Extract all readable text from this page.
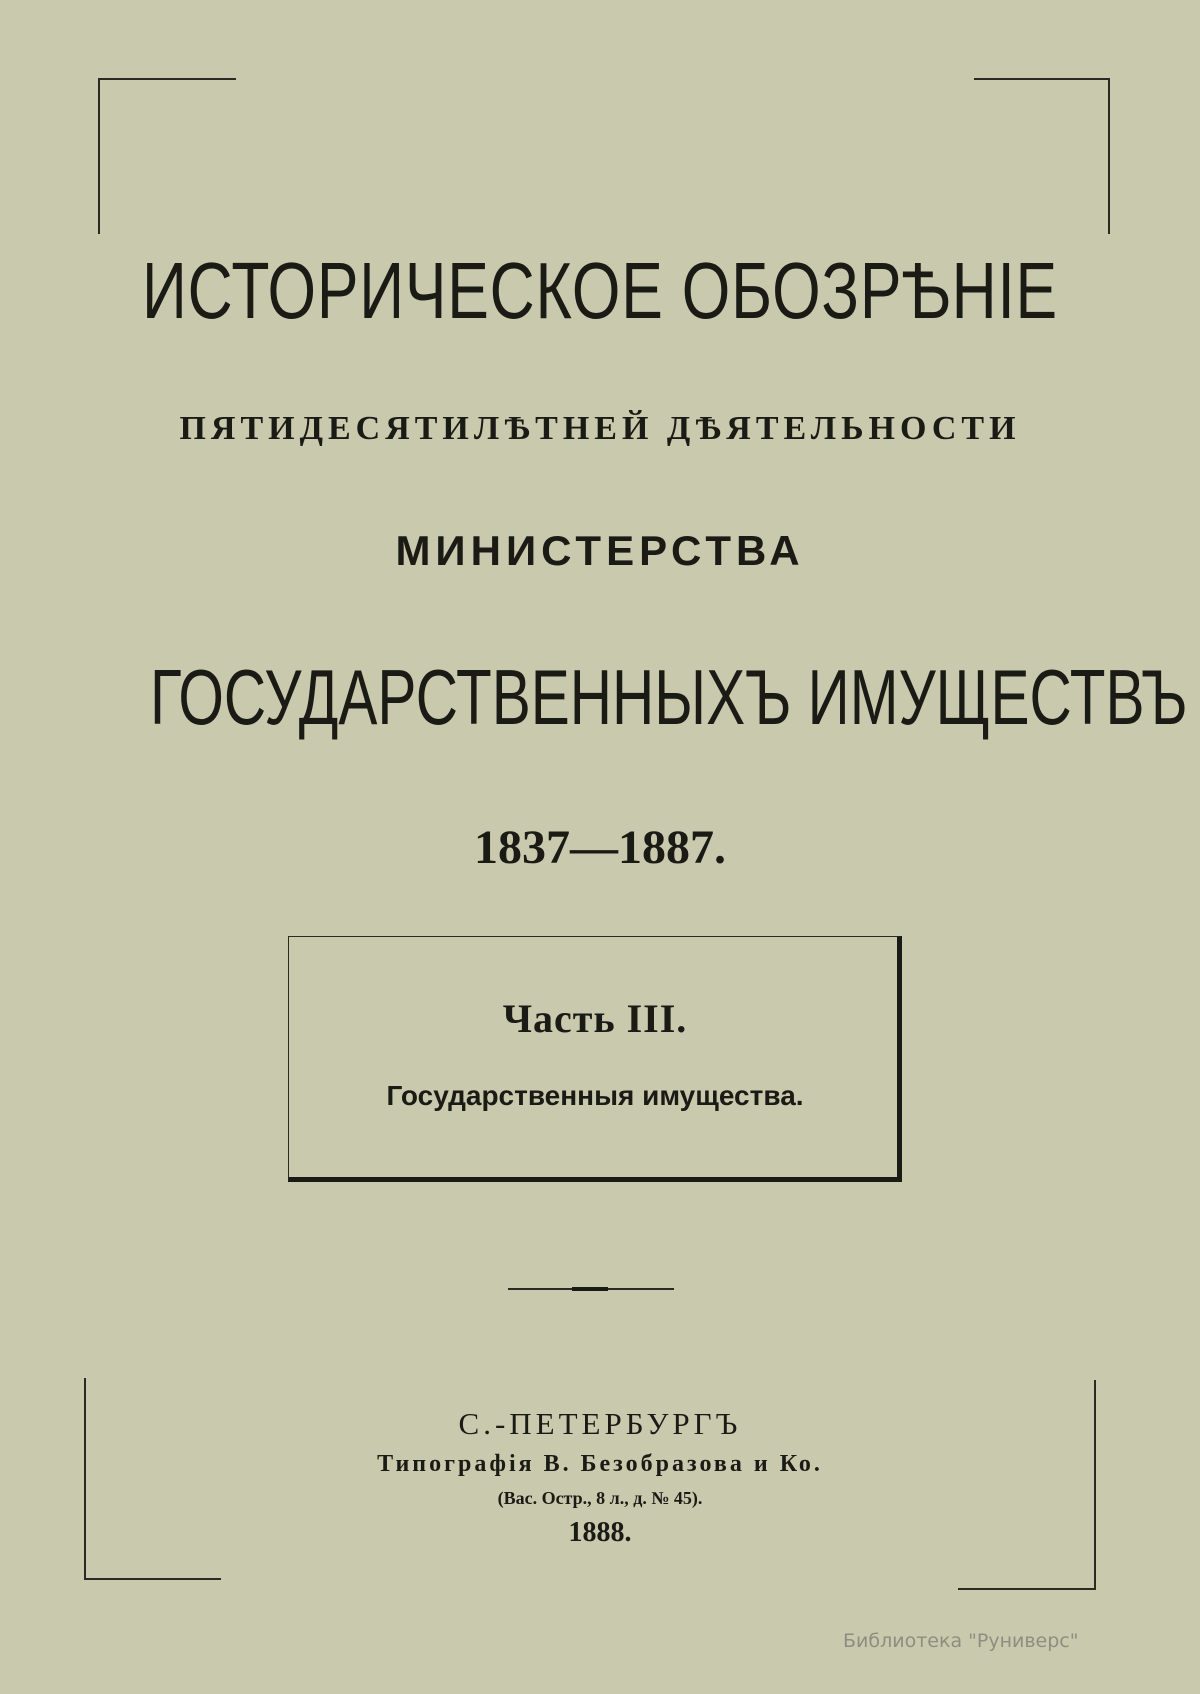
ИСТОРИЧЕСКОЕ ОБОЗРѢНІЕ
ПЯТИДЕСЯТИЛѢТНЕЙ ДѢЯТЕЛЬНОСТИ
МИНИСТЕРСТВА
ГОСУДАРСТВЕННЫХЪ ИМУЩЕСТВЪ
1837—1887.
Часть III.
Государственныя имущества.
С.-ПЕТЕРБУРГЪ
Типографія В. Безобразова и Ко.
(Вас. Остр., 8 л., д. № 45).
1888.
Библиотека "Руниверс"
